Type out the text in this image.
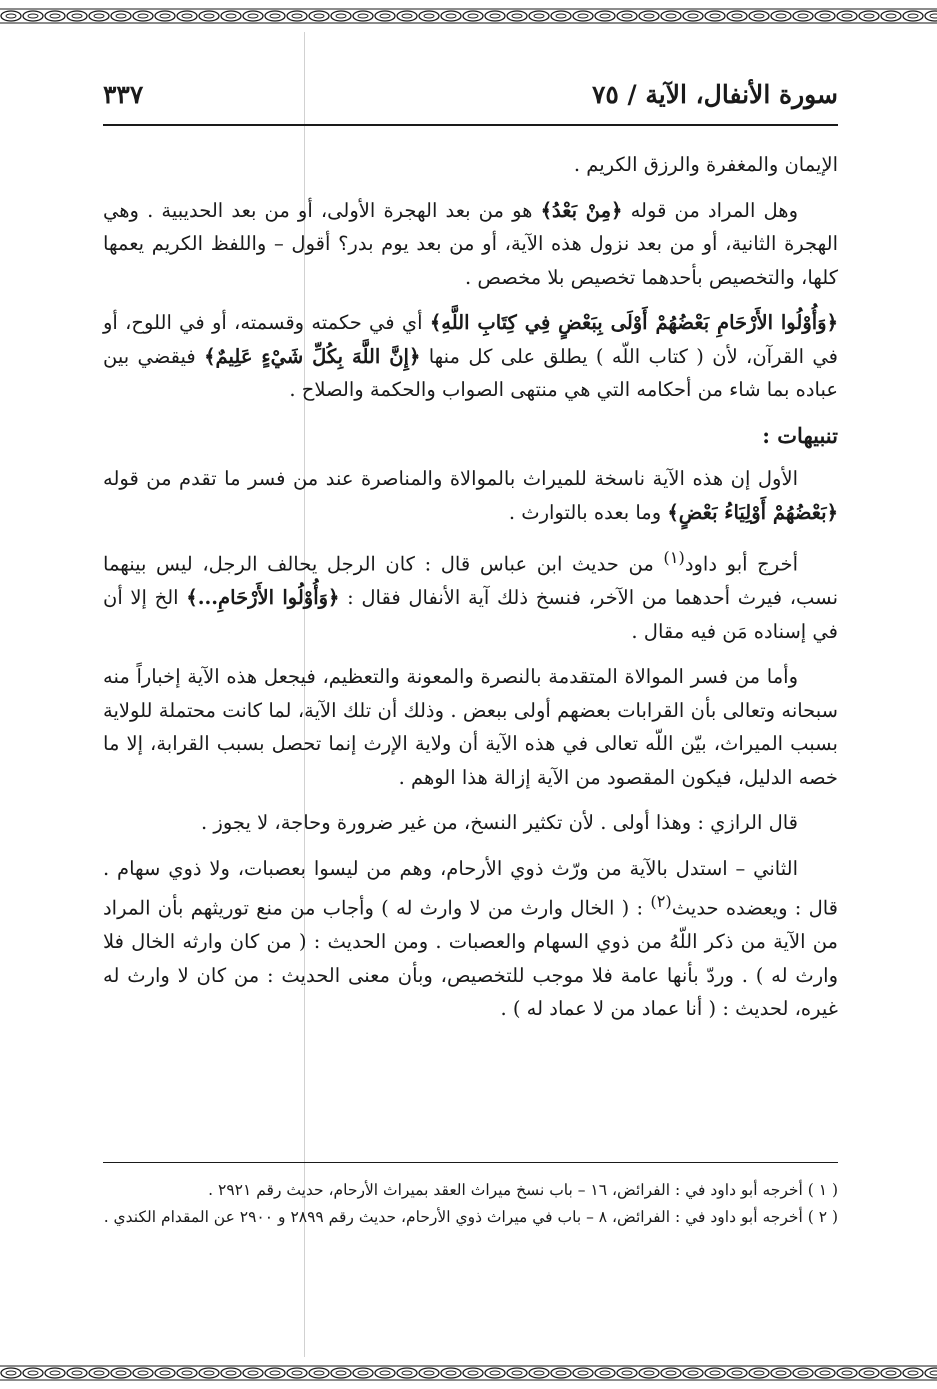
سورة الأنفال، الآية / ٧٥
٣٣٧

الإيمان والمغفرة والرزق الكريم .

وهل المراد من قوله ﴿مِنْ بَعْدُ﴾ هو من بعد الهجرة الأولى، أو من بعد الحديبية . وهي الهجرة الثانية، أو من بعد نزول هذه الآية، أو من بعد يوم بدر؟ أقول – واللفظ الكريم يعمها كلها، والتخصيص بأحدهما تخصيص بلا مخصص .

﴿وَأُوْلُوا الأَرْحَامِ بَعْضُهُمْ أَوْلَى بِبَعْضٍ فِي كِتَابِ اللَّهِ﴾ أي في حكمته وقسمته، أو في اللوح، أو في القرآن، لأن ( كتاب اللّه ) يطلق على كل منها ﴿إِنَّ اللَّهَ بِكُلِّ شَيْءٍ عَلِيمٌ﴾ فيقضي بين عباده بما شاء من أحكامه التي هي منتهى الصواب والحكمة والصلاح .

تنبيهات :

الأول إن هذه الآية ناسخة للميراث بالموالاة والمناصرة عند من فسر ما تقدم من قوله ﴿بَعْضُهُمْ أَوْلِيَاءُ بَعْضٍ﴾ وما بعده بالتوارث .

أخرج أبو داود$^{(١)}$ من حديث ابن عباس قال : كان الرجل يحالف الرجل، ليس بينهما نسب، فيرث أحدهما من الآخر، فنسخ ذلك آية الأنفال فقال : ﴿وَأُوْلُوا الأَرْحَامِ...﴾ الخ إلا أن في إسناده مَن فيه مقال .

وأما من فسر الموالاة المتقدمة بالنصرة والمعونة والتعظيم، فيجعل هذه الآية إخباراً منه سبحانه وتعالى بأن القرابات بعضهم أولى ببعض . وذلك أن تلك الآية، لما كانت محتملة للولاية بسبب الميراث، بيّن اللّه تعالى في هذه الآية أن ولاية الإرث إنما تحصل بسبب القرابة، إلا ما خصه الدليل، فيكون المقصود من الآية إزالة هذا الوهم .

قال الرازي : وهذا أولى . لأن تكثير النسخ، من غير ضرورة وحاجة، لا يجوز .

الثاني – استدل بالآية من ورّث ذوي الأرحام، وهم من ليسوا بعصبات، ولا ذوي سهام . قال : ويعضده حديث$^{(٢)}$ : ( الخال وارث من لا وارث له ) وأجاب من منع توريثهم بأن المراد من الآية من ذكر اللّهُ من ذوي السهام والعصبات . ومن الحديث : ( من كان وارثه الخال فلا وارث له ) . وردّ بأنها عامة فلا موجب للتخصيص، وبأن معنى الحديث : من كان لا وارث له غيره، لحديث : ( أنا عماد من لا عماد له ) .

( ١ ) أخرجه أبو داود في : الفرائض، ١٦ – باب نسخ ميراث العقد بميراث الأرحام، حديث رقم ٢٩٢١ .

( ٢ ) أخرجه أبو داود في : الفرائض، ٨ – باب في ميراث ذوي الأرحام، حديث رقم ٢٨٩٩ و ٢٩٠٠ عن المقدام الكندي .
